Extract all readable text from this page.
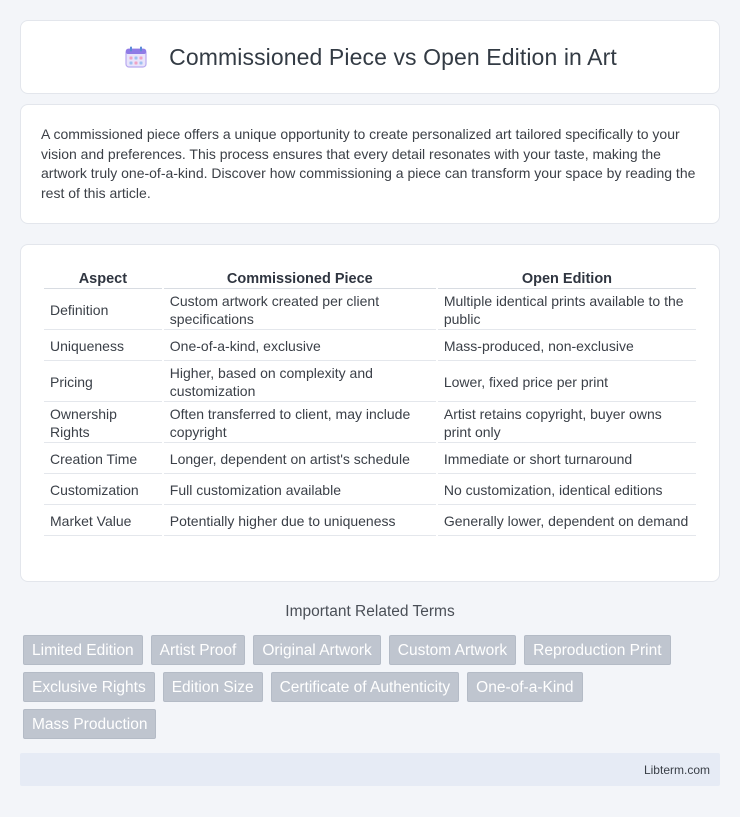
Commissioned Piece vs Open Edition in Art

A commissioned piece offers a unique opportunity to create personalized art tailored specifically to your vision and preferences. This process ensures that every detail resonates with your taste, making the artwork truly one-of-a-kind. Discover how commissioning a piece can transform your space by reading the rest of this article.

Aspect	Commissioned Piece	Open Edition
Definition	Custom artwork created per client specifications	Multiple identical prints available to the public
Uniqueness	One-of-a-kind, exclusive	Mass-produced, non-exclusive
Pricing	Higher, based on complexity and customization	Lower, fixed price per print
Ownership Rights	Often transferred to client, may include copyright	Artist retains copyright, buyer owns print only
Creation Time	Longer, dependent on artist's schedule	Immediate or short turnaround
Customization	Full customization available	No customization, identical editions
Market Value	Potentially higher due to uniqueness	Generally lower, dependent on demand
Important Related Terms
Limited Edition	Artist Proof	Original Artwork	Custom Artwork	Reproduction Print
Exclusive Rights	Edition Size	Certificate of Authenticity	One-of-a-Kind
Mass Production
Libterm.com
